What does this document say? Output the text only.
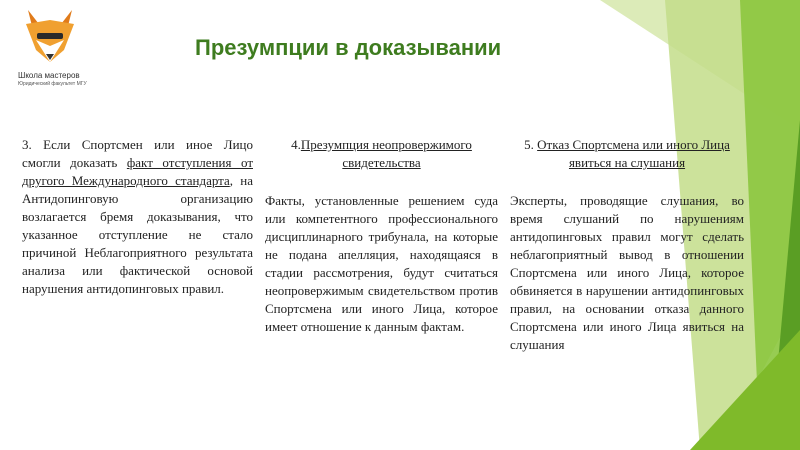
Школа мастеров
Юридический факультет МГУ
Презумпции в доказывании

3. Если Спортсмен или иное Лицо смогли доказать факт отступления от другого Международного стандарта, на Антидопинговую организацию возлагается бремя доказывания, что указанное отступление не стало причиной Неблагоприятного результата анализа или фактической основой нарушения антидопинговых правил.

4.Презумпция неопровержимого свидетельства

Факты, установленные решением суда или компетентного профессионального дисциплинарного трибунала, на которые не подана апелляция, находящаяся в стадии рассмотрения, будут считаться неопровержимым свидетельством против Спортсмена или иного Лица, которое имеет отношение к данным фактам.

5. Отказ Спортсмена или иного Лица явиться на слушания

Эксперты, проводящие слушания, во время слушаний по нарушениям антидопинговых правил могут сделать неблагоприятный вывод в отношении Спортсмена или иного Лица, которое обвиняется в нарушении антидопинговых правил, на основании отказа данного Спортсмена или иного Лица явиться на слушания
